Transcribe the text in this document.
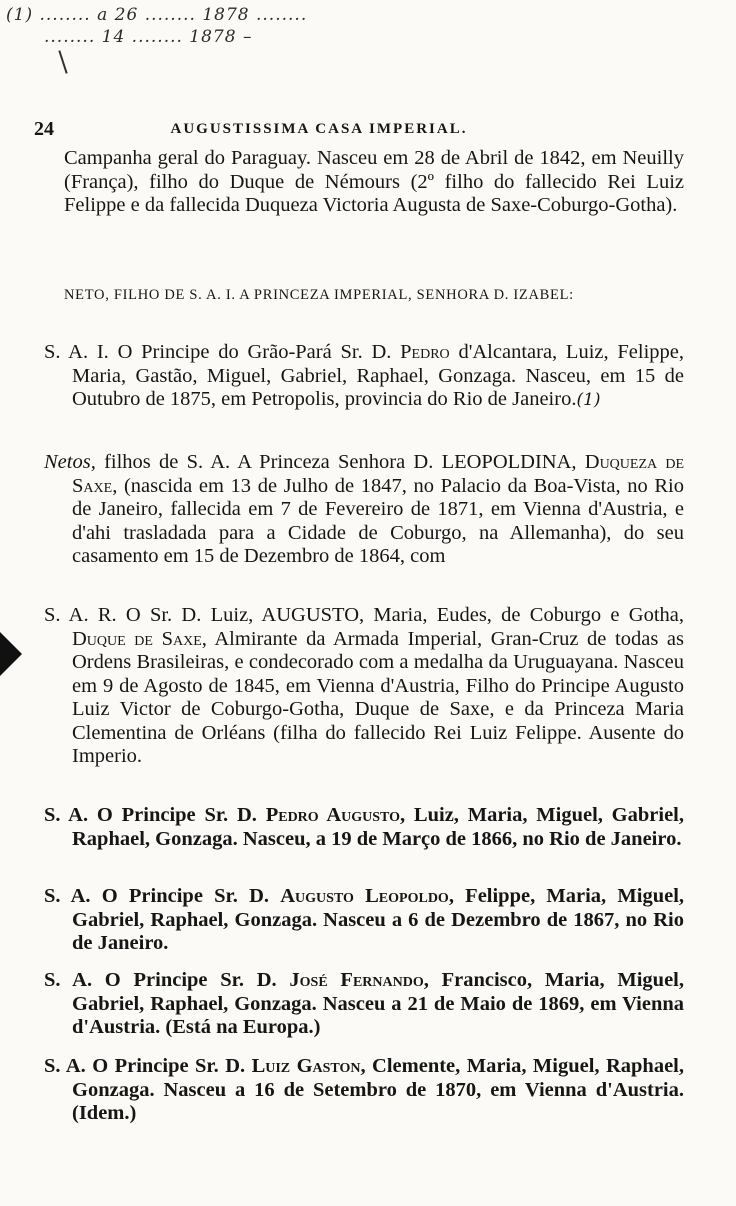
(1) ........ a 26 ........ 1878 ........
........ 14 ........ 1878 –
24	AUGUSTISSIMA CASA IMPERIAL.
Campanha geral do Paraguay. Nasceu em 28 de Abril de 1842, em Neuilly (França), filho do Duque de Némours (2º filho do fallecido Rei Luiz Felippe e da fallecida Duqueza Victoria Augusta de Saxe-Coburgo-Gotha).
NETO, FILHO DE S. A. I. A PRINCEZA IMPERIAL, SENHORA D. IZABEL:
S. A. I. O Principe do Grão-Pará Sr. D. Pedro d'Alcantara, Luiz, Felippe, Maria, Gastão, Miguel, Gabriel, Raphael, Gonzaga. Nasceu, em 15 de Outubro de 1875, em Petropolis, provincia do Rio de Janeiro.(1)
Netos, filhos de S. A. A Princeza Senhora D. LEOPOLDINA, Duqueza de Saxe, (nascida em 13 de Julho de 1847, no Palacio da Boa-Vista, no Rio de Janeiro, fallecida em 7 de Fevereiro de 1871, em Vienna d'Austria, e d'ahi trasladada para a Cidade de Coburgo, na Allemanha), do seu casamento em 15 de Dezembro de 1864, com
S. A. R. O Sr. D. Luiz, AUGUSTO, Maria, Eudes, de Coburgo e Gotha, Duque de Saxe, Almirante da Armada Imperial, Gran-Cruz de todas as Ordens Brasileiras, e condecorado com a medalha da Uruguayana. Nasceu em 9 de Agosto de 1845, em Vienna d'Austria, Filho do Principe Augusto Luiz Victor de Coburgo-Gotha, Duque de Saxe, e da Princeza Maria Clementina de Orléans (filha do fallecido Rei Luiz Felippe. Ausente do Imperio.
S. A. O Principe Sr. D. Pedro Augusto, Luiz, Maria, Miguel, Gabriel, Raphael, Gonzaga. Nasceu, a 19 de Março de 1866, no Rio de Janeiro.
S. A. O Principe Sr. D. Augusto Leopoldo, Felippe, Maria, Miguel, Gabriel, Raphael, Gonzaga. Nasceu a 6 de Dezembro de 1867, no Rio de Janeiro.
S. A. O Principe Sr. D. José Fernando, Francisco, Maria, Miguel, Gabriel, Raphael, Gonzaga. Nasceu a 21 de Maio de 1869, em Vienna d'Austria. (Está na Europa.)
S. A. O Principe Sr. D. Luiz Gaston, Clemente, Maria, Miguel, Raphael, Gonzaga. Nasceu a 16 de Setembro de 1870, em Vienna d'Austria. (Idem.)
